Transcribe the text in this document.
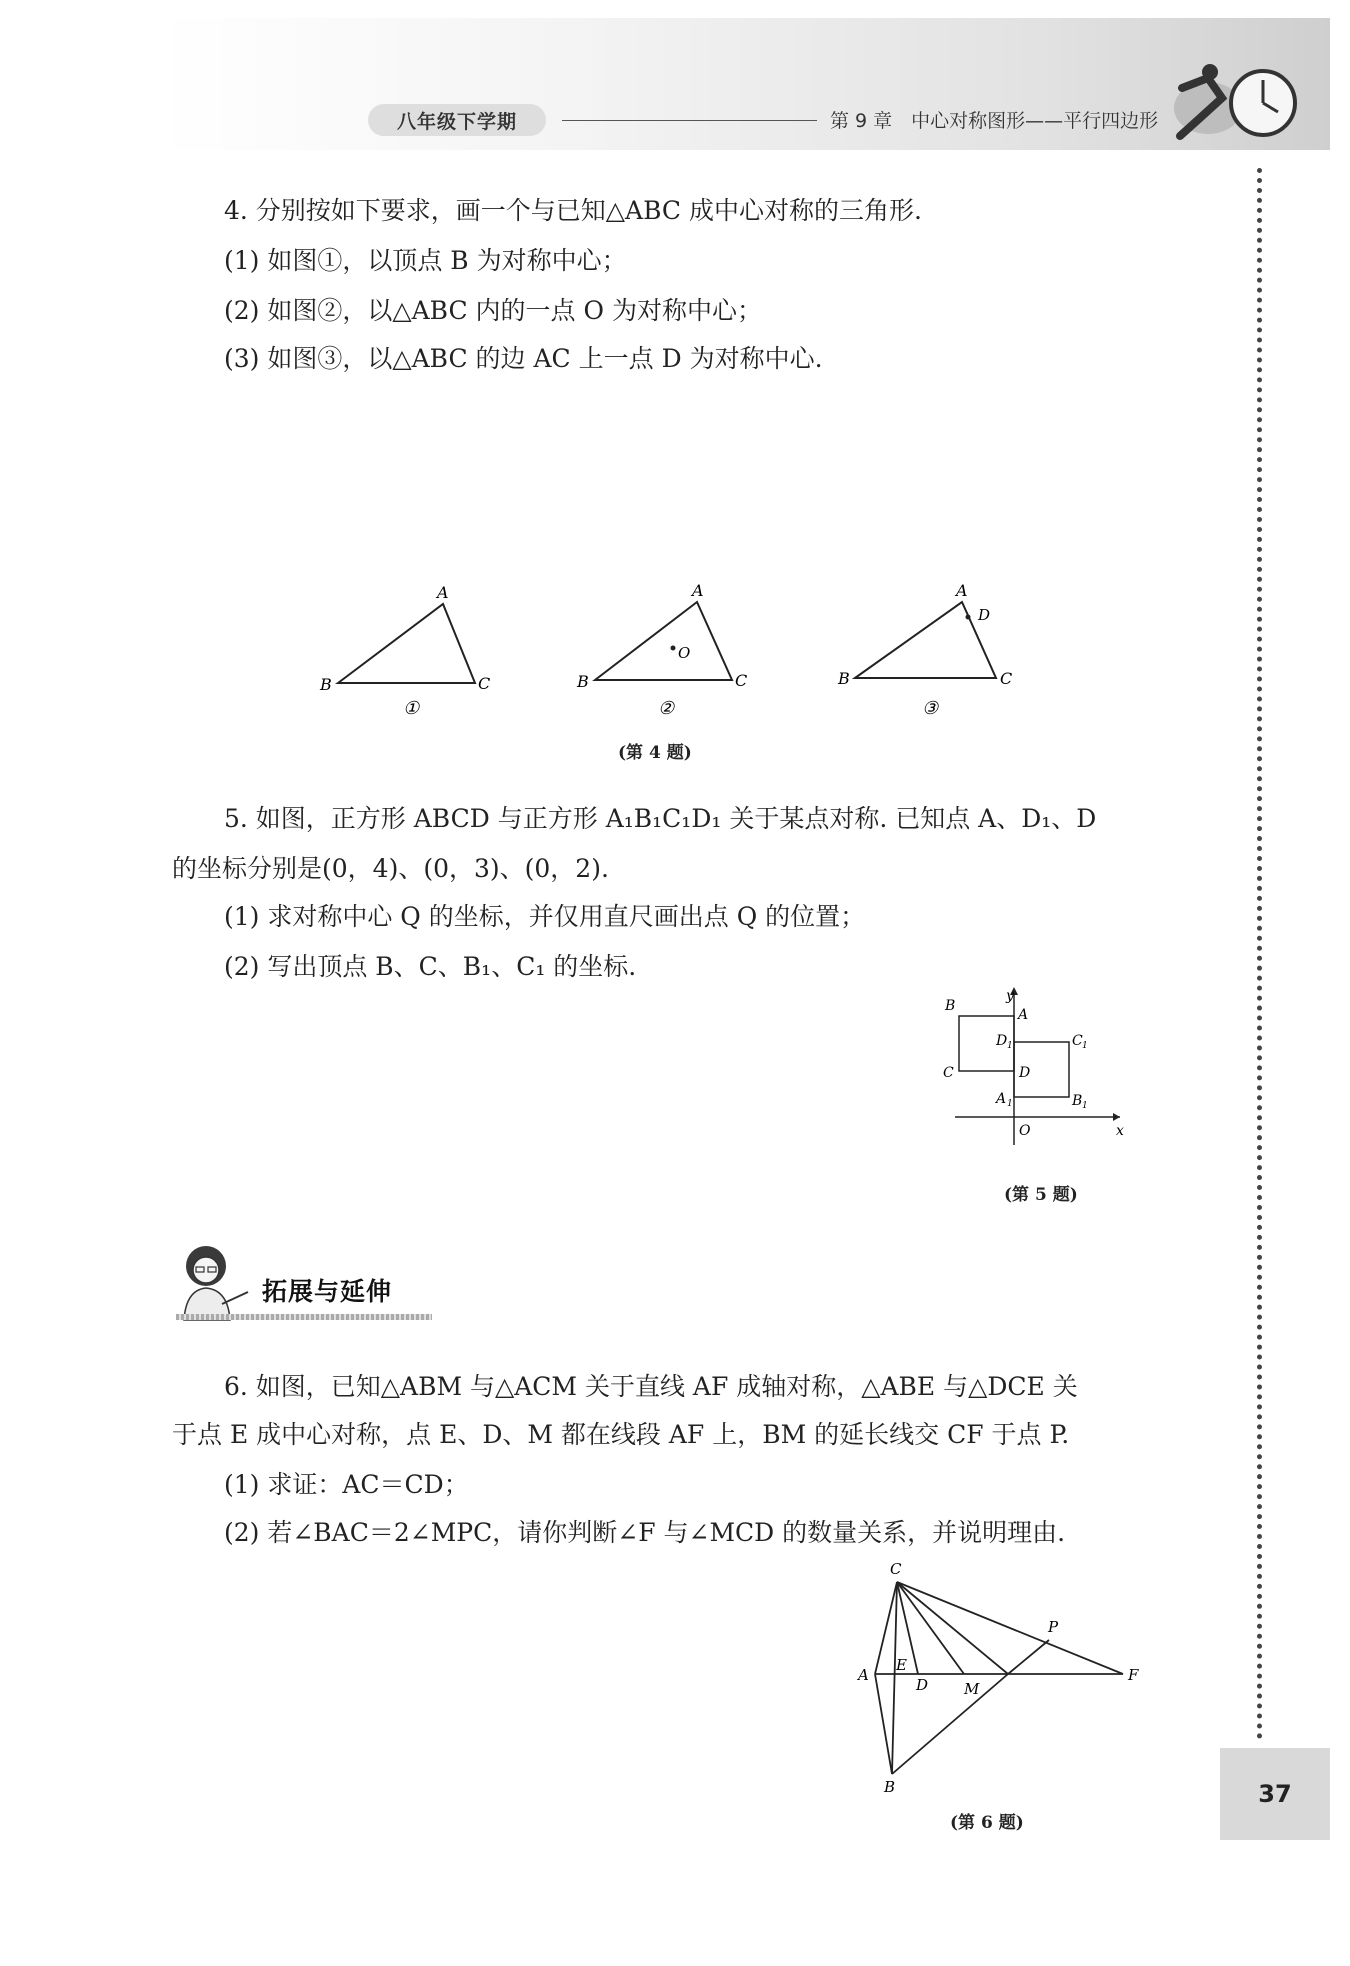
八年级下学期	第 9 章　中心对称图形——平行四边形
37
4. 分别按如下要求，画一个与已知△ABC 成中心对称的三角形.
(1) 如图①，以顶点 B 为对称中心；
(2) 如图②，以△ABC 内的一点 O 为对称中心；
(3) 如图③，以△ABC 的边 AC 上一点 D 为对称中心.
B
A
C
①
B
A
C
O
②
B
A
C
D
③
(第 4 题)
5. 如图，正方形 ABCD 与正方形 A₁B₁C₁D₁ 关于某点对称. 已知点 A、D₁、D
的坐标分别是(0，4)、(0，3)、(0，2).
(1) 求对称中心 Q 的坐标，并仅用直尺画出点 Q 的位置；
(2) 写出顶点 B、C、B₁、C₁ 的坐标.
y
x
O
A
B
C	D
D 1
A 1
C 1
B 1
(第 5 题)
拓展与延伸
6. 如图，已知△ABM 与△ACM 关于直线 AF 成轴对称，△ABE 与△DCE 关
于点 E 成中心对称，点 E、D、M 都在线段 AF 上，BM 的延长线交 CF 于点 P.
(1) 求证：AC＝CD；
(2) 若∠BAC＝2∠MPC，请你判断∠F 与∠MCD 的数量关系，并说明理由.
C
P
A
E
D M
F
B
(第 6 题)
